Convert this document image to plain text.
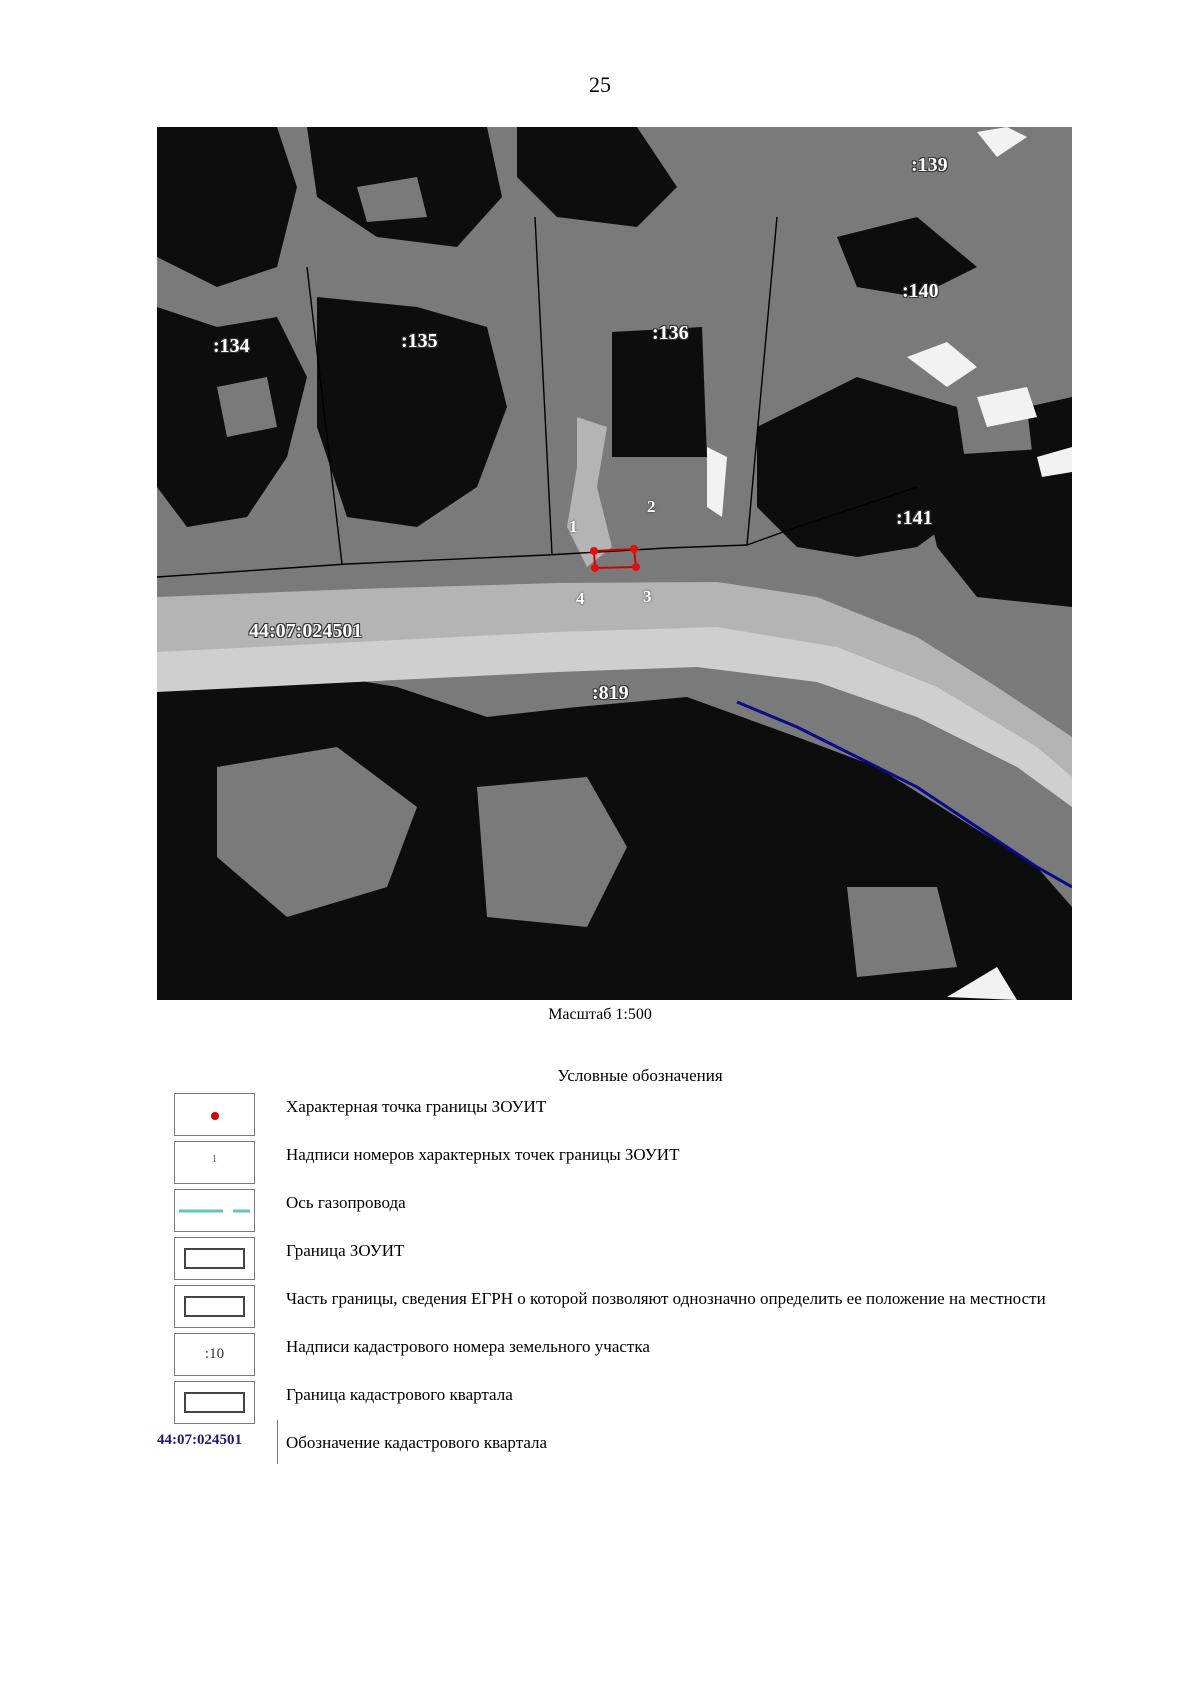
25
:134	:135	:136
:139
:140
:141
:819
44:07:024501
1
2
3
4
Масштаб 1:500
Условные обозначения
Характерная точка границы ЗОУИТ
1	Надписи номеров характерных точек границы ЗОУИТ
Ось газопровода
Граница ЗОУИТ
Часть границы, сведения ЕГРН о которой позволяют однозначно определить ее положение на местности
:10	Надписи кадастрового номера земельного участка
Граница кадастрового квартала
44:07:024501	Обозначение кадастрового квартала
